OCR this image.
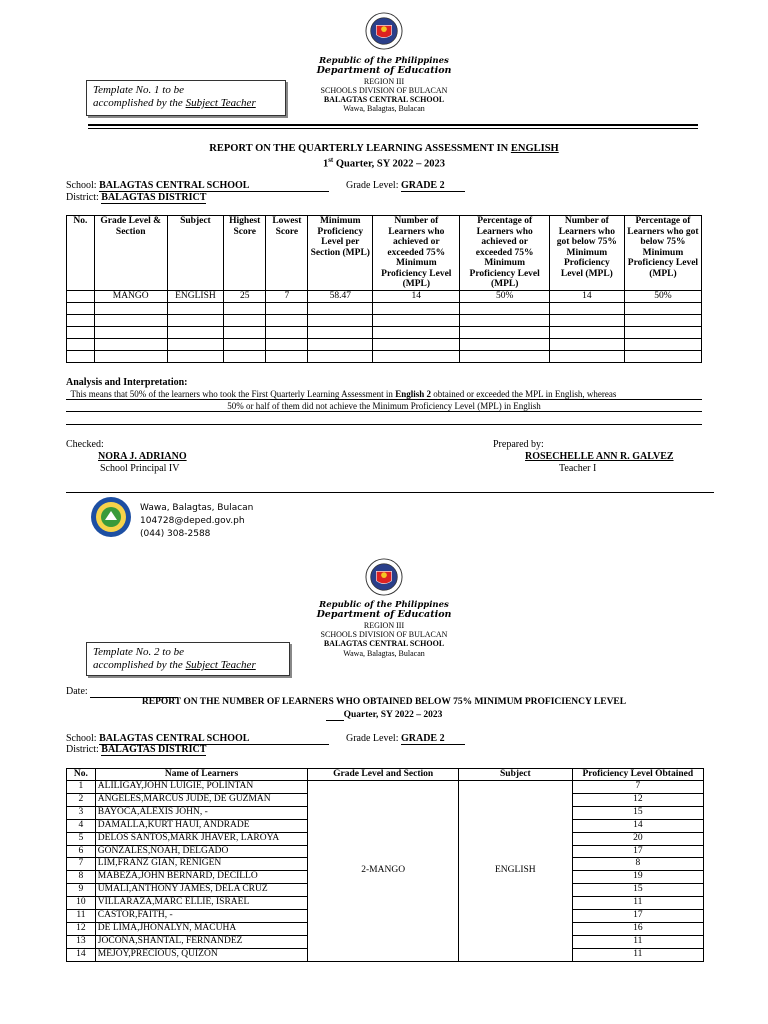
Republic of the Philippines
Department of Education
REGION III
SCHOOLS DIVISION OF BULACAN
BALAGTAS CENTRAL SCHOOL
Wawa, Balagtas, Bulacan
Template No. 1 to be
accomplished by the Subject Teacher
REPORT ON THE QUARTERLY LEARNING ASSESSMENT IN ENGLISH
1st Quarter, SY 2022 – 2023
School: BALAGTAS CENTRAL SCHOOL	Grade Level: GRADE 2
District: BALAGTAS DISTRICT
No.	Grade Level & Section	Subject	Highest Score	Lowest Score	Minimum Proficiency Level per Section (MPL)	Number of Learners who achieved or exceeded 75% Minimum Proficiency Level (MPL)	Percentage of Learners who achieved or exceeded 75% Minimum Proficiency Level (MPL)	Number of Learners who got below 75% Minimum Proficiency Level (MPL)	Percentage of Learners who got below 75% Minimum Proficiency Level (MPL)
	MANGO	ENGLISH	25	7	58.47	14	50%	14	50%

Analysis and Interpretation:
This means that 50% of the learners who took the First Quarterly Learning Assessment in English 2 obtained or exceeded the MPL in English, whereas
50% or half of them did not achieve the Minimum Proficiency Level (MPL) in English
Checked:
NORA J. ADRIANO
School Principal IV
Prepared by:
ROSECHELLE ANN R. GALVEZ
Teacher I
Wawa, Balagtas, Bulacan
104728@deped.gov.ph
(044) 308-2588
Republic of the Philippines
Department of Education
REGION III
SCHOOLS DIVISION OF BULACAN
BALAGTAS CENTRAL SCHOOL
Wawa, Balagtas, Bulacan
Template No. 2 to be
accomplished by the Subject Teacher
Date:
REPORT ON THE NUMBER OF LEARNERS WHO OBTAINED BELOW 75% MINIMUM PROFICIENCY LEVEL
Quarter, SY 2022 – 2023
School: BALAGTAS CENTRAL SCHOOL	Grade Level: GRADE 2
District: BALAGTAS DISTRICT
No.	Name of Learners	Grade Level and Section	Subject	Proficiency Level Obtained
1	ALILIGAY,JOHN LUIGIE, POLINTAN	2-MANGO	ENGLISH	7
2	ANGELES,MARCUS JUDE, DE GUZMAN			12
3	BAYOCA,ALEXIS JOHN, -			15
4	DAMALLA,KURT HAUI, ANDRADE			14
5	DELOS SANTOS,MARK JHAVER, LAROYA			20
6	GONZALES,NOAH, DELGADO			17
7	LIM,FRANZ GIAN, RENIGEN			8
8	MABEZA,JOHN BERNARD, DECILLO			19
9	UMALI,ANTHONY JAMES, DELA CRUZ			15
10	VILLARAZA,MARC ELLIE, ISRAEL			11
11	CASTOR,FAITH, -			17
12	DE LIMA,JHONALYN, MACUHA			16
13	JOCONA,SHANTAL, FERNANDEZ			11
14	MEJOY,PRECIOUS, QUIZON			11
